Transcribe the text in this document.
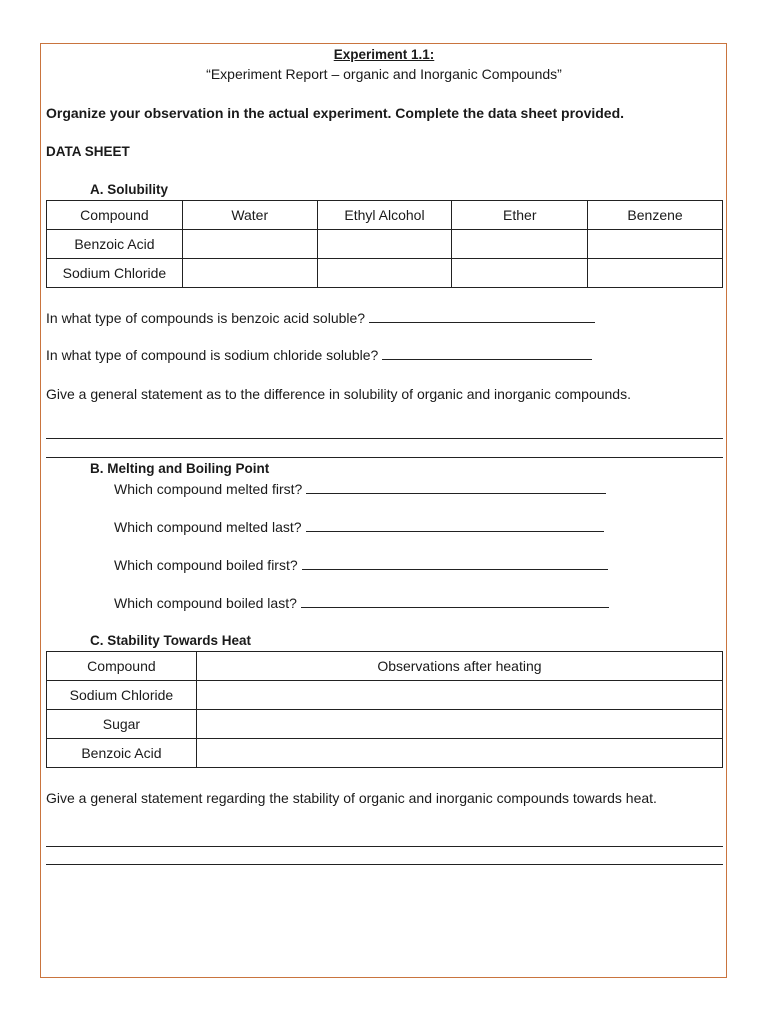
Experiment 1.1:
“Experiment Report – organic and Inorganic Compounds”
Organize your observation in the actual experiment. Complete the data sheet provided.
DATA SHEET
A. Solubility
Compound	Water	Ethyl Alcohol	Ether	Benzene
Benzoic Acid				
Sodium Chloride				
In what type of compounds is benzoic acid soluble?
In what type of compound is sodium chloride soluble?
Give a general statement as to the difference in solubility of organic and inorganic compounds.
B. Melting and Boiling Point
Which compound melted first?
Which compound melted last?
Which compound boiled first?
Which compound boiled last?
C. Stability Towards Heat
Compound	Observations after heating
Sodium Chloride	
Sugar	
Benzoic Acid	
Give a general statement regarding the stability of organic and inorganic compounds towards heat.
